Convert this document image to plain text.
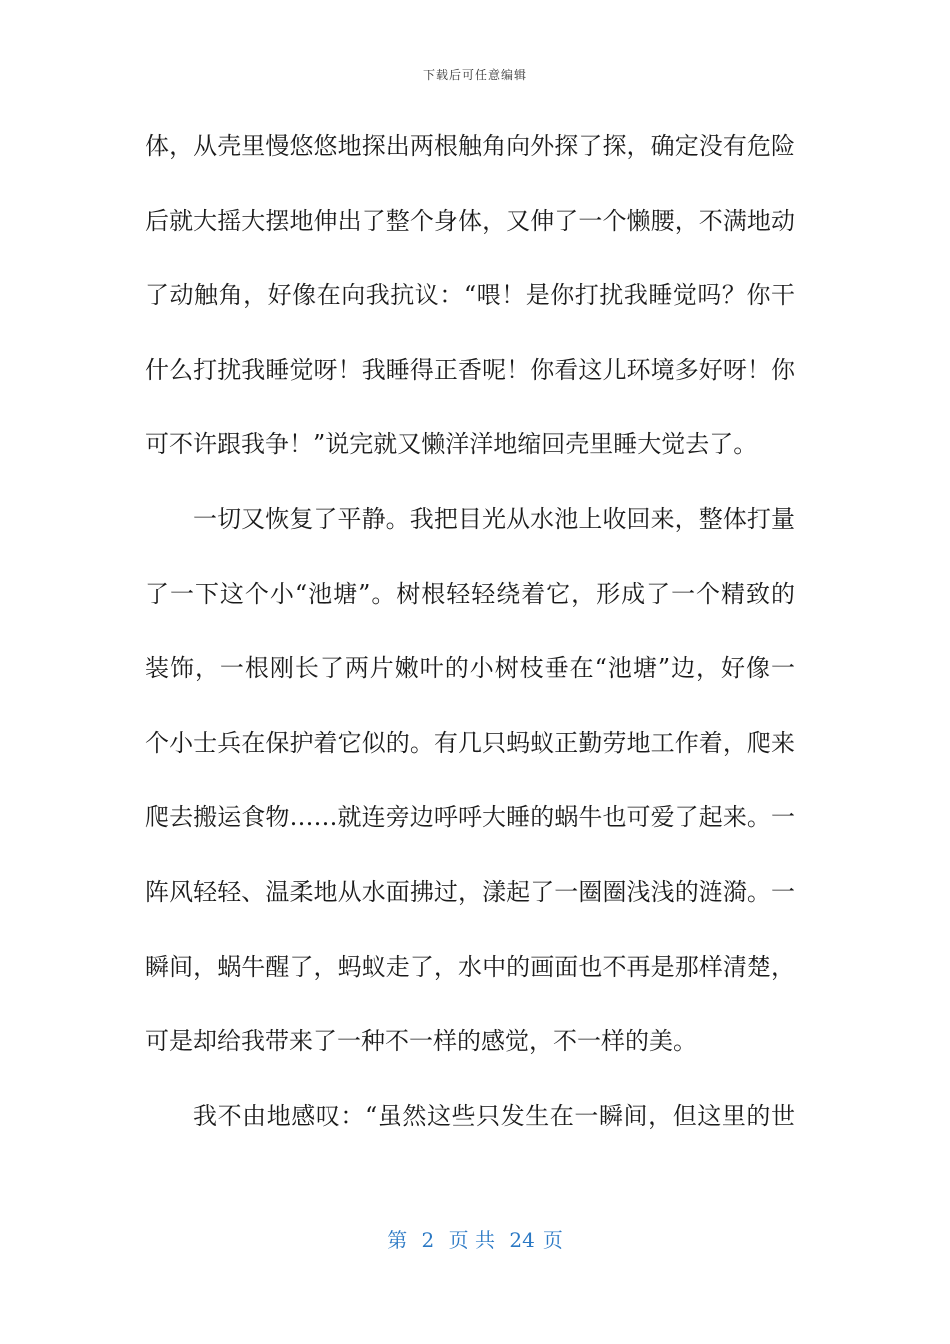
下载后可任意编辑
体，从壳里慢悠悠地探出两根触角向外探了探，确定没有危险
后就大摇大摆地伸出了整个身体，又伸了一个懒腰，不满地动
了动触角，好像在向我抗议：“喂！是你打扰我睡觉吗？你干
什么打扰我睡觉呀！我睡得正香呢！你看这儿环境多好呀！你
可不许跟我争！”说完就又懒洋洋地缩回壳里睡大觉去了。
一切又恢复了平静。我把目光从水池上收回来，整体打量
了一下这个小“池塘”。树根轻轻绕着它，形成了一个精致的
装饰，一根刚长了两片嫩叶的小树枝垂在“池塘”边，好像一
个小士兵在保护着它似的。有几只蚂蚁正勤劳地工作着，爬来
爬去搬运食物……就连旁边呼呼大睡的蜗牛也可爱了起来。一
阵风轻轻、温柔地从水面拂过，漾起了一圈圈浅浅的涟漪。一
瞬间，蜗牛醒了，蚂蚁走了，水中的画面也不再是那样清楚，
可是却给我带来了一种不一样的感觉，不一样的美。
我不由地感叹：“虽然这些只发生在一瞬间，但这里的世
第 2 页 共 24 页
